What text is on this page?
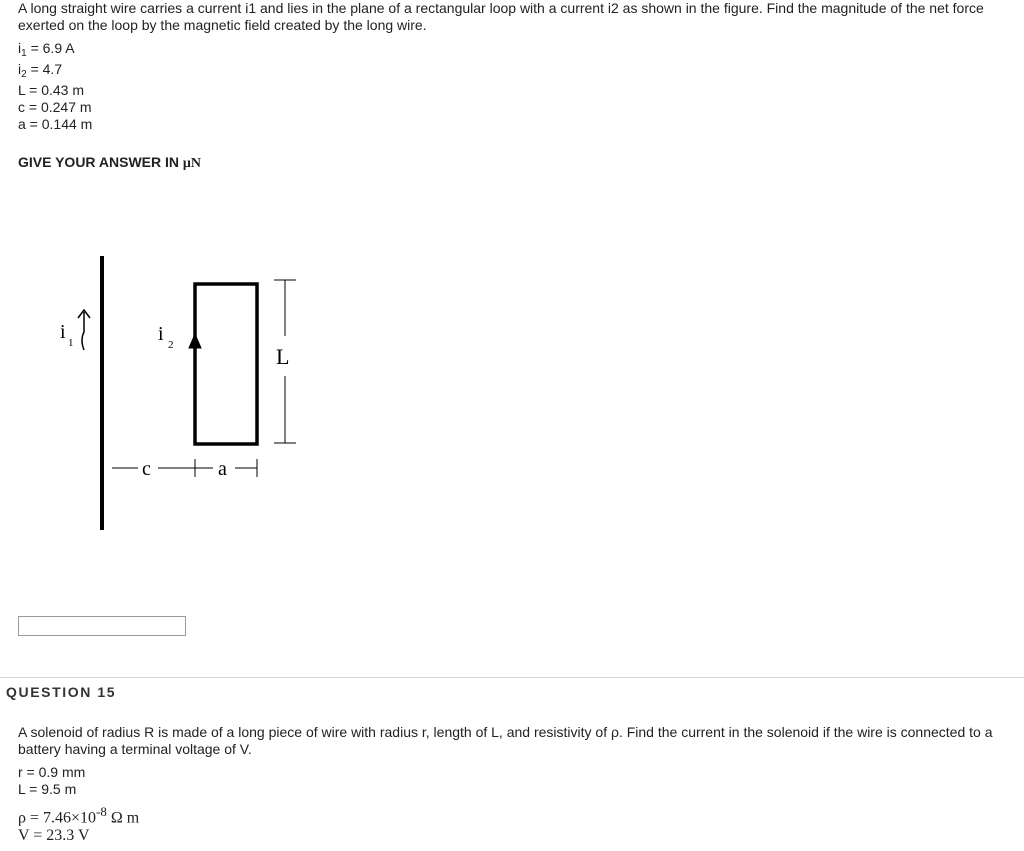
A long straight wire carries a current i1 and lies in the plane of a rectangular loop with a current i2 as shown in the figure. Find the magnitude of the net force exerted on the loop by the magnetic field created by the long wire.
$i_1 = 6.9$ A
$i_2 = 4.7$
L = 0.43 m
c = 0.247 m
a = 0.144 m
GIVE YOUR ANSWER IN μN
i 1	i 2	L
c	a
QUESTION 15
A solenoid of radius R is made of a long piece of wire with radius r, length of L, and resistivity of ρ. Find the current in the solenoid if the wire is connected to a battery having a terminal voltage of V.
r = 0.9 mm
L = 9.5 m
$\rho = 7.46\times 10^{-8}$ Ω m
V = 23.3 V
